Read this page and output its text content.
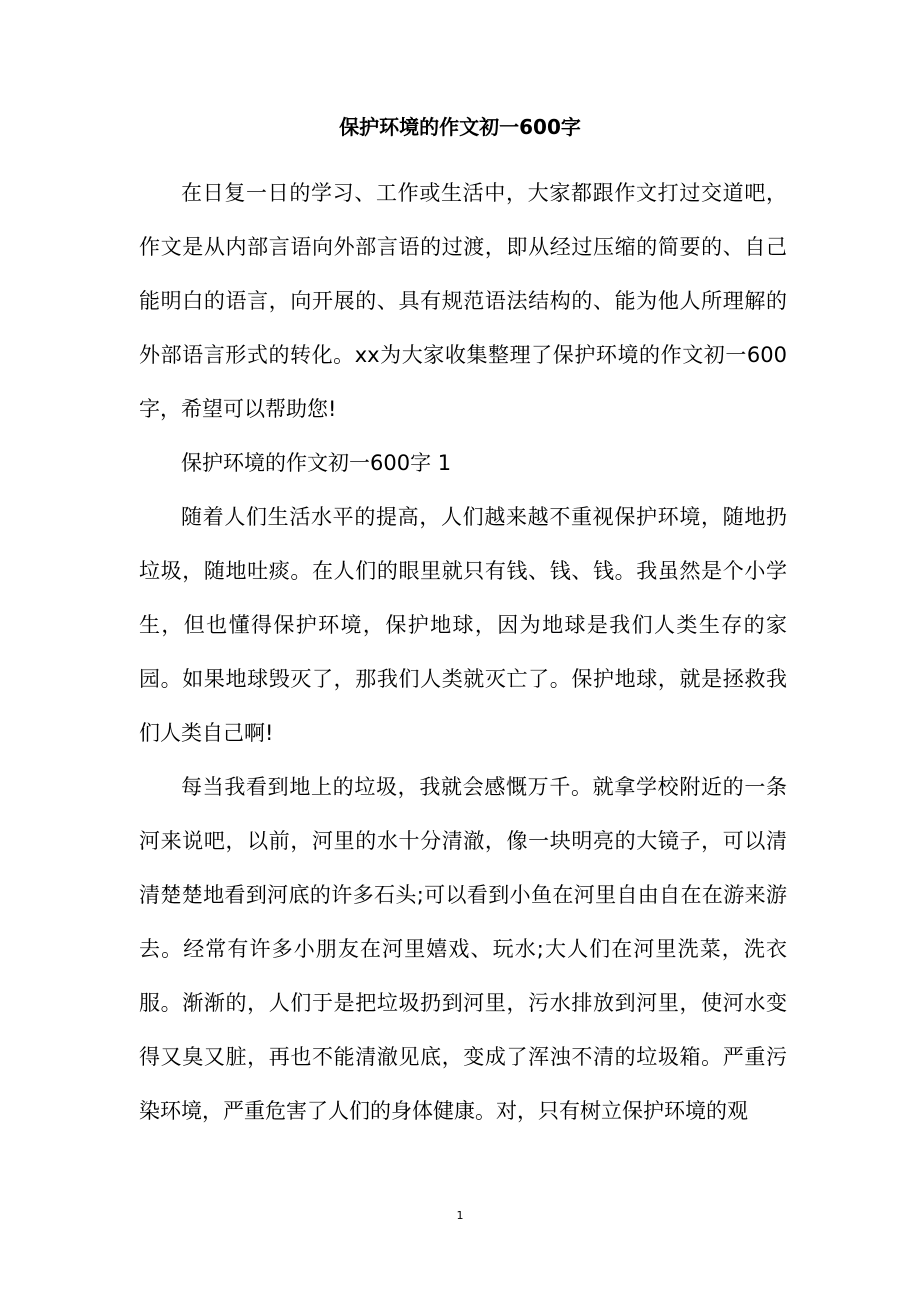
保护环境的作文初一600字

在日复一日的学习、工作或生活中，大家都跟作文打过交道吧，作文是从内部言语向外部言语的过渡，即从经过压缩的简要的、自己能明白的语言，向开展的、具有规范语法结构的、能为他人所理解的外部语言形式的转化。xx为大家收集整理了保护环境的作文初一600字，希望可以帮助您!

保护环境的作文初一600字 1

随着人们生活水平的提高，人们越来越不重视保护环境，随地扔垃圾，随地吐痰。在人们的眼里就只有钱、钱、钱。我虽然是个小学生，但也懂得保护环境，保护地球，因为地球是我们人类生存的家园。如果地球毁灭了，那我们人类就灭亡了。保护地球，就是拯救我们人类自己啊!

每当我看到地上的垃圾，我就会感慨万千。就拿学校附近的一条河来说吧，以前，河里的水十分清澈，像一块明亮的大镜子，可以清清楚楚地看到河底的许多石头;可以看到小鱼在河里自由自在在游来游去。经常有许多小朋友在河里嬉戏、玩水;大人们在河里洗菜，洗衣服。渐渐的，人们于是把垃圾扔到河里，污水排放到河里，使河水变得又臭又脏，再也不能清澈见底，变成了浑浊不清的垃圾箱。严重污染环境，严重危害了人们的身体健康。对，只有树立保护环境的观

1
